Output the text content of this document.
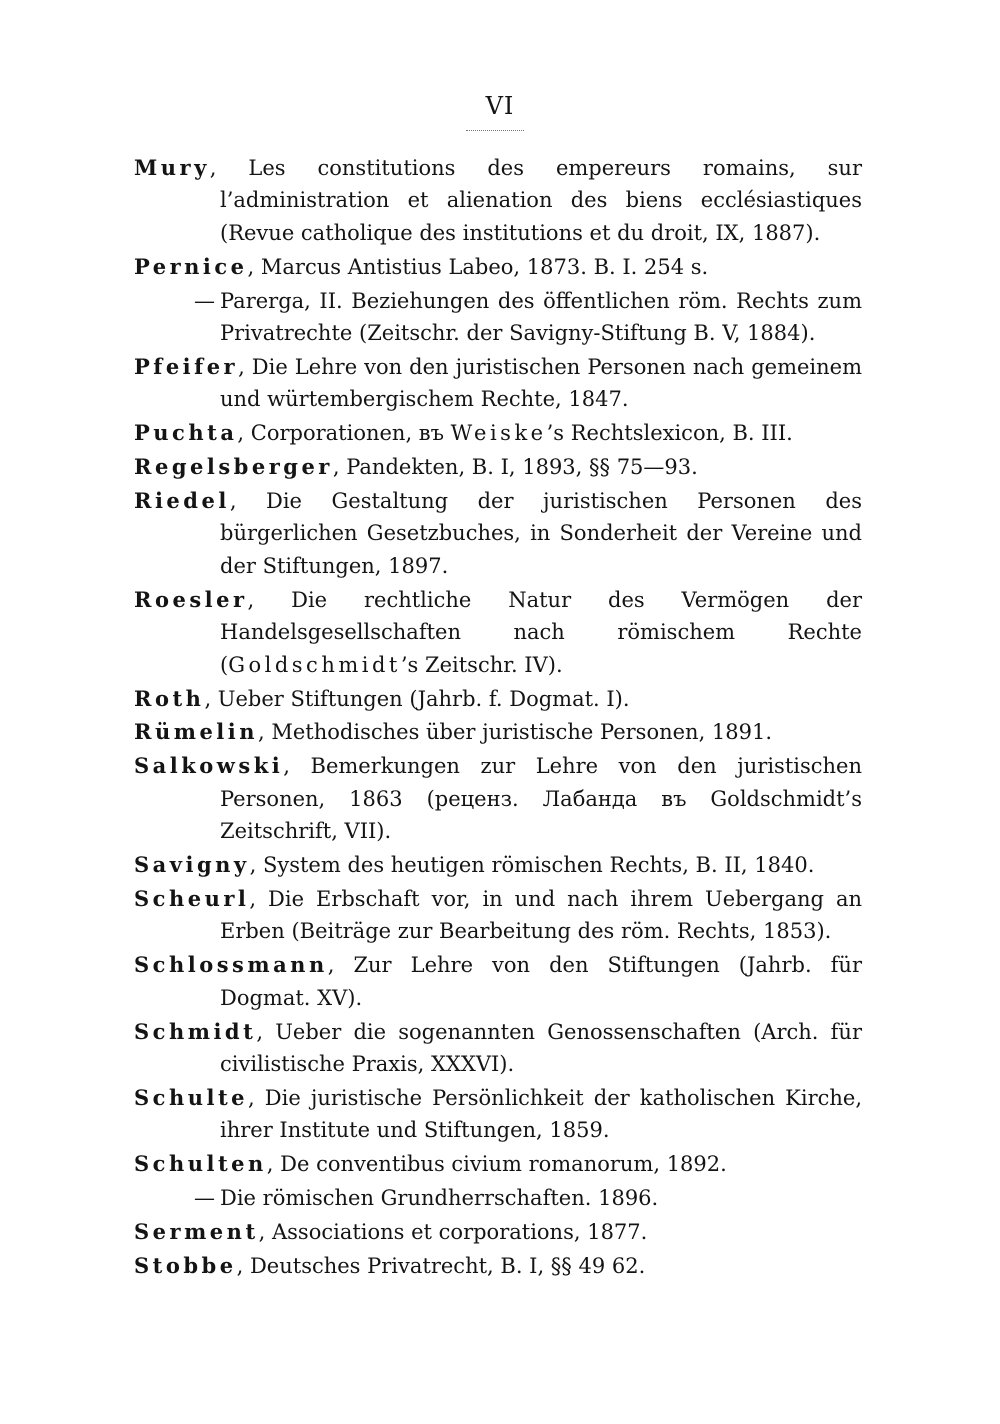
VI

Mury, Les constitutions des empereurs romains, sur l’administration et alienation des biens ecclésiastiques (Revue catholique des institutions et du droit, IX, 1887).

Pernice, Marcus Antistius Labeo, 1873. B. I. 254 s.

— Parerga, II. Beziehungen des öffentlichen röm. Rechts zum Privatrechte (Zeitschr. der Savigny-Stiftung B. V, 1884).

Pfeifer, Die Lehre von den juristischen Personen nach gemeinem und würtembergischem Rechte, 1847.

Puchta, Corporationen, въ Weiske’s Rechtslexicon, B. III.

Regelsberger, Pandekten, B. I, 1893, §§ 75—93.

Riedel, Die Gestaltung der juristischen Personen des bürgerlichen Gesetzbuches, in Sonderheit der Vereine und der Stiftungen, 1897.

Roesler, Die rechtliche Natur des Vermögen der Handelsgesellschaften nach römischem Rechte (Goldschmidt’s Zeitschr. IV).

Roth, Ueber Stiftungen (Jahrb. f. Dogmat. I).

Rümelin, Methodisches über juristische Personen, 1891.

Salkowski, Bemerkungen zur Lehre von den juristischen Personen, 1863 (реценз. Лабанда въ Goldschmidt’s Zeitschrift, VII).

Savigny, System des heutigen römischen Rechts, B. II, 1840.

Scheurl, Die Erbschaft vor, in und nach ihrem Uebergang an Erben (Beiträge zur Bearbeitung des röm. Rechts, 1853).

Schlossmann, Zur Lehre von den Stiftungen (Jahrb. für Dogmat. XV).

Schmidt, Ueber die sogenannten Genossenschaften (Arch. für civilistische Praxis, XXXVI).

Schulte, Die juristische Persönlichkeit der katholischen Kirche, ihrer Institute und Stiftungen, 1859.

Schulten, De conventibus civium romanorum, 1892.

— Die römischen Grundherrschaften. 1896.

Serment, Associations et corporations, 1877.

Stobbe, Deutsches Privatrecht, B. I, §§ 49 62.
